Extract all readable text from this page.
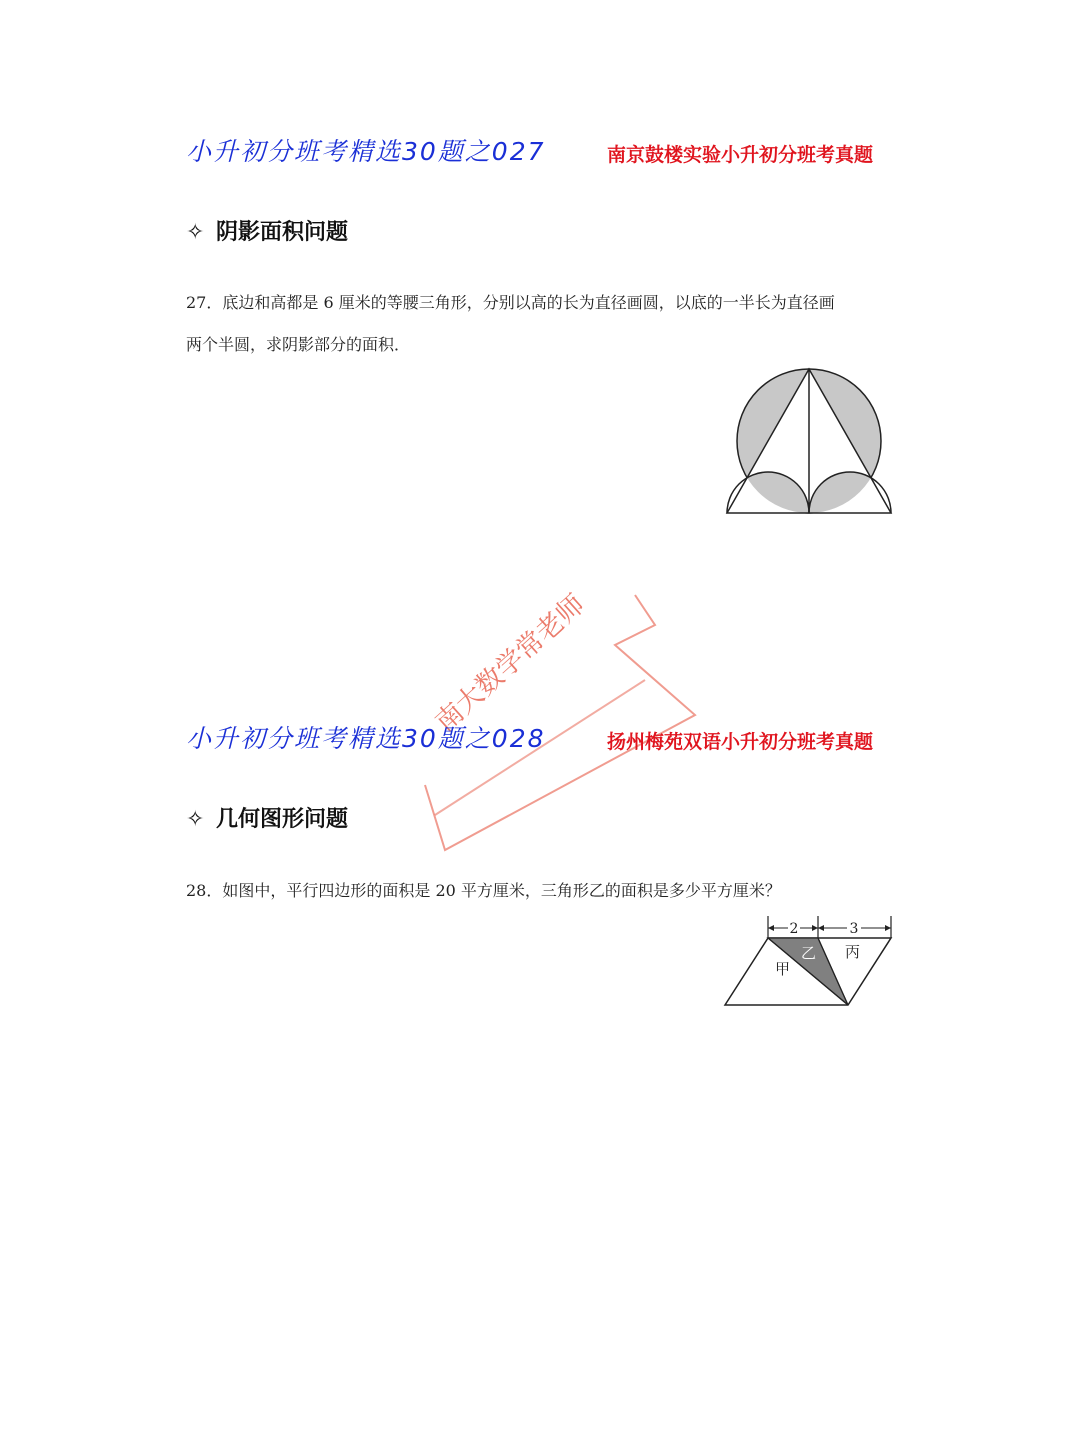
小升初分班考精选30题之027	南京鼓楼实验小升初分班考真题
✧ 阴影面积问题
27．底边和高都是 6 厘米的等腰三角形，分别以高的长为直径画圆，以底的一半长为直径画
两个半圆，求阴影部分的面积．
南大数学常老师
小升初分班考精选30题之028	扬州梅苑双语小升初分班考真题
✧ 几何图形问题
28．如图中，平行四边形的面积是 20 平方厘米，三角形乙的面积是多少平方厘米？
2	3
甲
乙 丙
